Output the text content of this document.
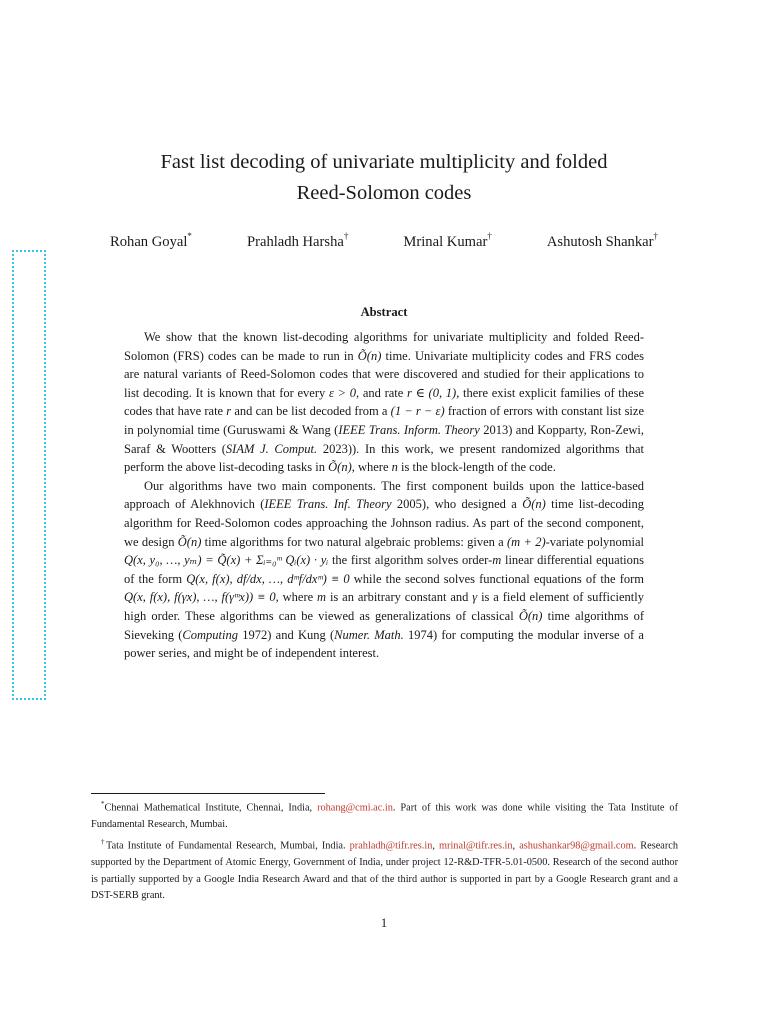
Fast list decoding of univariate multiplicity and folded
Reed-Solomon codes
Rohan Goyal*	Prahladh Harsha†	Mrinal Kumar†	Ashutosh Shankar†
Abstract

We show that the known list-decoding algorithms for univariate multiplicity and folded Reed-Solomon (FRS) codes can be made to run in Õ(n) time. Univariate multiplicity codes and FRS codes are natural variants of Reed-Solomon codes that were discovered and studied for their applications to list decoding. It is known that for every ε > 0, and rate r ∈ (0, 1), there exist explicit families of these codes that have rate r and can be list decoded from a (1 − r − ε) fraction of errors with constant list size in polynomial time (Guruswami & Wang (IEEE Trans. Inform. Theory 2013) and Kopparty, Ron-Zewi, Saraf & Wootters (SIAM J. Comput. 2023)). In this work, we present randomized algorithms that perform the above list-decoding tasks in Õ(n), where n is the block-length of the code.

Our algorithms have two main components. The first component builds upon the lattice-based approach of Alekhnovich (IEEE Trans. Inf. Theory 2005), who designed a Õ(n) time list-decoding algorithm for Reed-Solomon codes approaching the Johnson radius. As part of the second component, we design Õ(n) time algorithms for two natural algebraic problems: given a (m + 2)-variate polynomial Q(x, y₀, …, yₘ) = Q̃(x) + Σᵢ₌₀ᵐ Qᵢ(x) · yᵢ the first algorithm solves order-m linear differential equations of the form Q(x, f(x), df/dx, …, dᵐf/dxᵐ) ≡ 0 while the second solves functional equations of the form Q(x, f(x), f(γx), …, f(γᵐx)) ≡ 0, where m is an arbitrary constant and γ is a field element of sufficiently high order. These algorithms can be viewed as generalizations of classical Õ(n) time algorithms of Sieveking (Computing 1972) and Kung (Numer. Math. 1974) for computing the modular inverse of a power series, and might be of independent interest.

*Chennai Mathematical Institute, Chennai, India, rohang@cmi.ac.in. Part of this work was done while visiting the Tata Institute of Fundamental Research, Mumbai.

†Tata Institute of Fundamental Research, Mumbai, India. prahladh@tifr.res.in, mrinal@tifr.res.in, ashushankar98@gmail.com. Research supported by the Department of Atomic Energy, Government of India, under project 12-R&D-TFR-5.01-0500. Research of the second author is partially supported by a Google India Research Award and that of the third author is supported in part by a Google Research grant and a DST-SERB grant.

1
